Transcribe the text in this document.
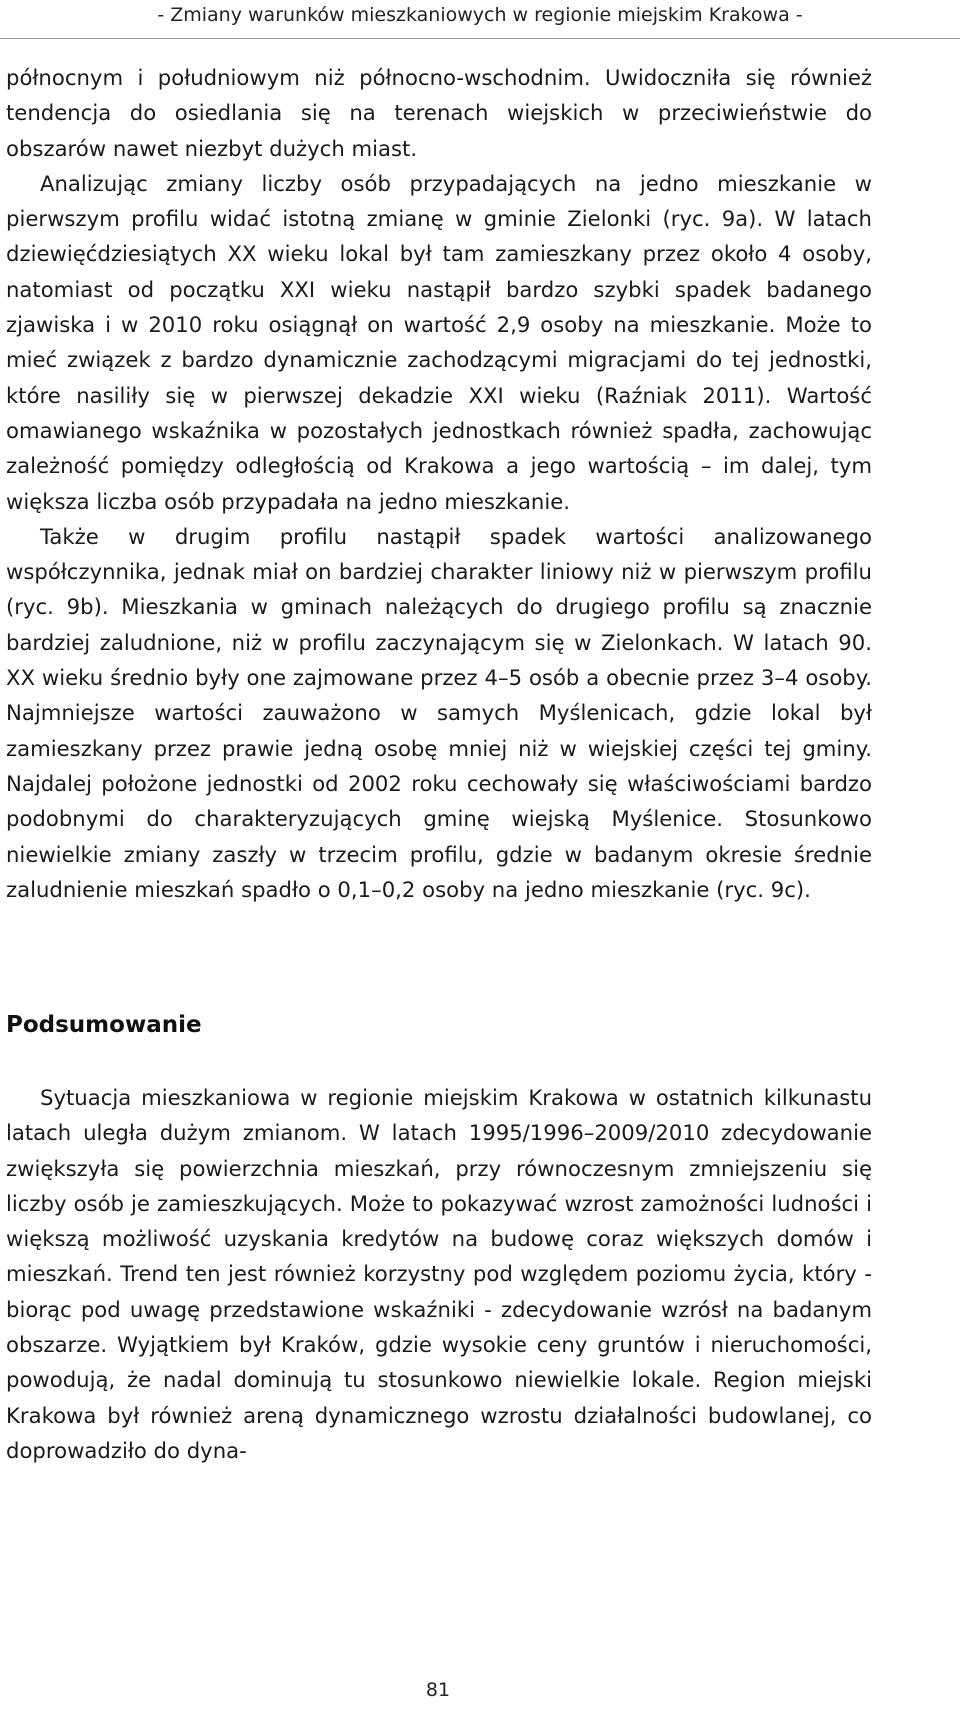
- Zmiany warunków mieszkaniowych w regionie miejskim Krakowa -

północnym i południowym niż północno-wschodnim. Uwidoczniła się również tendencja do osiedlania się na terenach wiejskich w przeciwieństwie do obszarów nawet niezbyt dużych miast.

Analizując zmiany liczby osób przypadających na jedno mieszkanie w pierwszym profilu widać istotną zmianę w gminie Zielonki (ryc. 9a). W latach dziewięćdziesiątych XX wieku lokal był tam zamieszkany przez około 4 osoby, natomiast od początku XXI wieku nastąpił bardzo szybki spadek badanego zjawiska i w 2010 roku osiągnął on wartość 2,9 osoby na mieszkanie. Może to mieć związek z bardzo dynamicznie zachodzącymi migracjami do tej jednostki, które nasiliły się w pierwszej dekadzie XXI wieku (Raźniak 2011). Wartość omawianego wskaźnika w pozostałych jednostkach również spadła, zachowując zależność pomiędzy odległością od Krakowa a jego wartością – im dalej, tym większa liczba osób przypadała na jedno mieszkanie.

Także w drugim profilu nastąpił spadek wartości analizowanego współczynnika, jednak miał on bardziej charakter liniowy niż w pierwszym profilu (ryc. 9b). Mieszkania w gminach należących do drugiego profilu są znacznie bardziej zaludnione, niż w profilu zaczynającym się w Zielonkach. W latach 90. XX wieku średnio były one zajmowane przez 4–5 osób a obecnie przez 3–4 osoby. Najmniejsze wartości zauważono w samych Myślenicach, gdzie lokal był zamieszkany przez prawie jedną osobę mniej niż w wiejskiej części tej gminy. Najdalej położone jednostki od 2002 roku cechowały się właściwościami bardzo podobnymi do charakteryzujących gminę wiejską Myślenice. Stosunkowo niewielkie zmiany zaszły w trzecim profilu, gdzie w badanym okresie średnie zaludnienie mieszkań spadło o 0,1–0,2 osoby na jedno mieszkanie (ryc. 9c).

Podsumowanie

Sytuacja mieszkaniowa w regionie miejskim Krakowa w ostatnich kilkunastu latach uległa dużym zmianom. W latach 1995/1996–2009/2010 zdecydowanie zwiększyła się powierzchnia mieszkań, przy równoczesnym zmniejszeniu się liczby osób je zamieszkujących. Może to pokazywać wzrost zamożności ludności i większą możliwość uzyskania kredytów na budowę coraz większych domów i mieszkań. Trend ten jest również korzystny pod względem poziomu życia, który - biorąc pod uwagę przedstawione wskaźniki - zdecydowanie wzrósł na badanym obszarze. Wyjątkiem był Kraków, gdzie wysokie ceny gruntów i nieruchomości, powodują, że nadal dominują tu stosunkowo niewielkie lokale. Region miejski Krakowa był również areną dynamicznego wzrostu działalności budowlanej, co doprowadziło do dyna-

81
